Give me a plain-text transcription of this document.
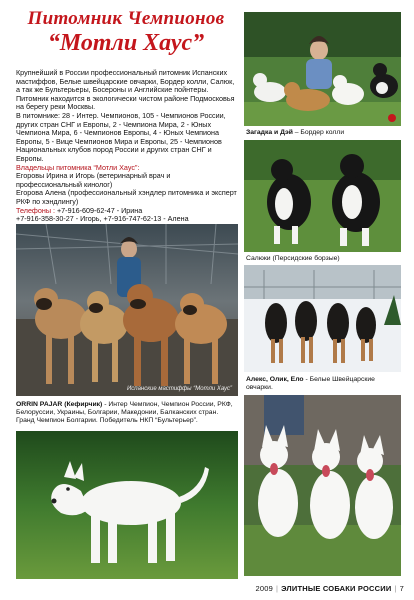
Питомник Чемпионов
“Мотли Хаус”
Крупнейший в России профессиональный питомник Испанских мастиффов, Белые швейцарские овчарки, Бордер колли, Салюк, а так же Бультерьеры, Босероны и Английские пойнтеры.
Питомник находится в экологически чистом районе Подмосковья на берегу реки Москвы.
В питомнике: 28 - Интер. Чемпионов, 105 - Чемпионов России, других стран СНГ и Европы, 2 - Чемпиона Мира, 2 - Юных Чемпиона Мира, 6 - Чемпионов Европы, 4 - Юных Чемпиона Европы, 5 - Вице Чемпионов Мира и Европы, 25 - Чемпионов Национальных клубов пород России и других стран СНГ и Европы.
Владельцы питомника “Мотли Хаус”:
Егоровы Ирина и Игорь (ветеринарный врач и профессиональный кинолог)
Егорова Алена (профессиональный хэндлер питомника и эксперт РКФ по хэндлингу)
Телефоны : +7-916-609-62-47 - Ирина
+7-916-358-30-27 - Игорь, +7-916-747-62-13 - Алена

Испанские мастиффы “Мотли Хаус”
ORRIN PAJAR (Кефирчик) - Интер Чемпион, Чемпион России, РКФ, Белоруссии, Украины, Болгарии, Македонии, Балканских стран. Гранд Чемпион Болгарии. Победитель НКП “Бультерьер”.
Загадка и Дэй – Бордер колли
Салюки (Персидские борзые)
Алекс, Олик, Ело - Белые Швейцарские овчарки.
2009 | ЭЛИТНЫЕ СОБАКИ РОССИИ | 7
